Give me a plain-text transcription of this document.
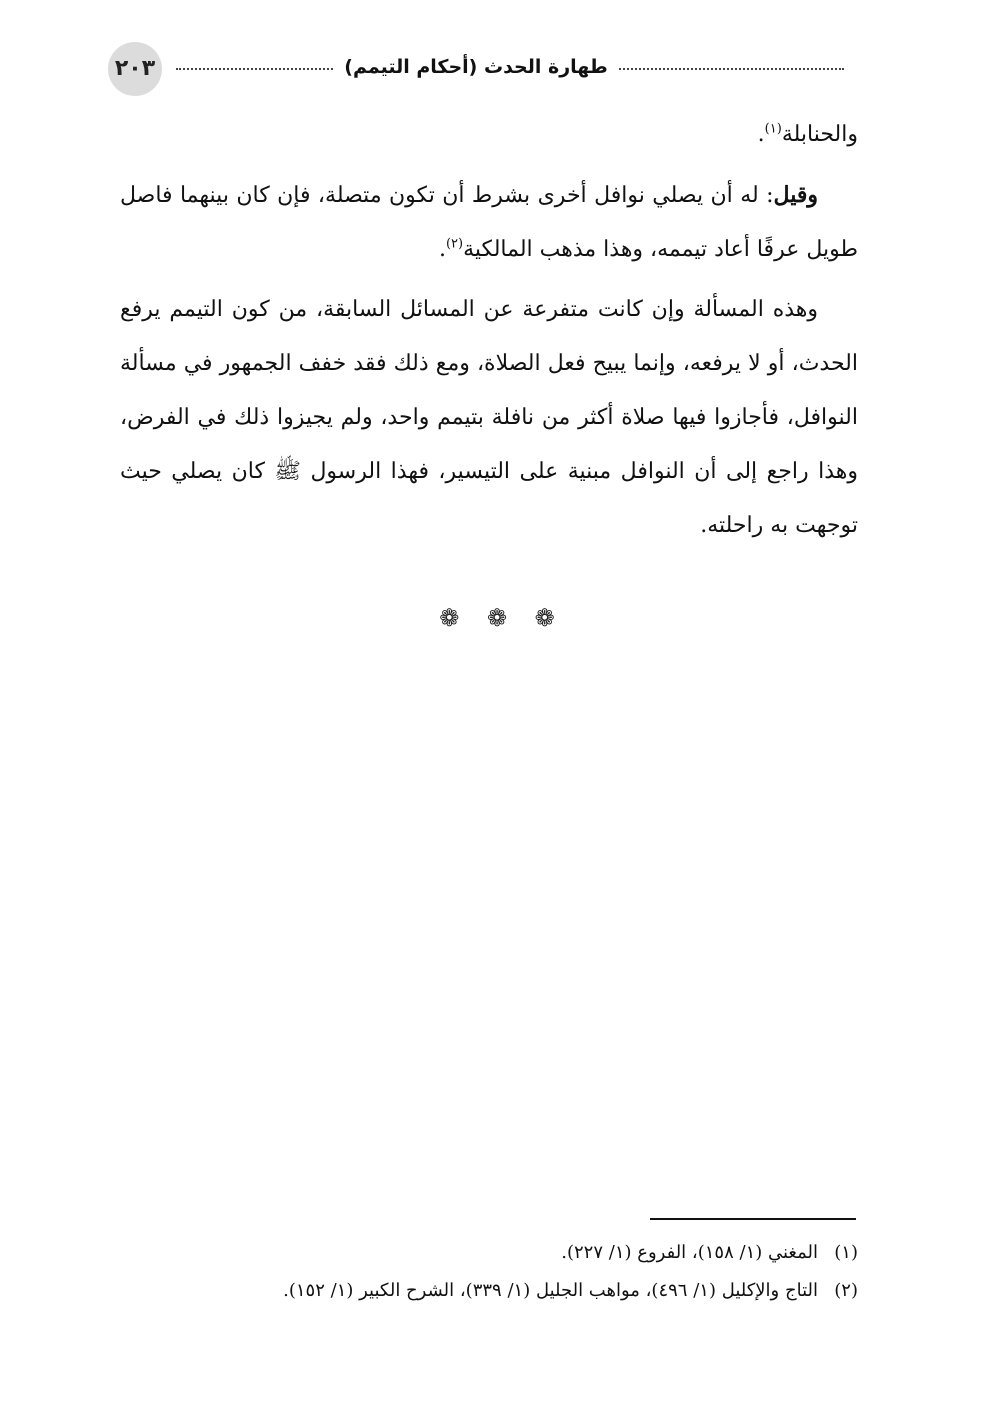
٢٠٣	طهارة الحدث (أحكام التيمم)

والحنابلة$^{(١)}$.

وقيل: له أن يصلي نوافل أخرى بشرط أن تكون متصلة، فإن كان بينهما فاصل طويل عرفًا أعاد تيممه، وهذا مذهب المالكية$^{(٢)}$.

وهذه المسألة وإن كانت متفرعة عن المسائل السابقة، من كون التيمم يرفع الحدث، أو لا يرفعه، وإنما يبيح فعل الصلاة، ومع ذلك فقد خفف الجمهور في مسألة النوافل، فأجازوا فيها صلاة أكثر من نافلة بتيمم واحد، ولم يجيزوا ذلك في الفرض، وهذا راجع إلى أن النوافل مبنية على التيسير، فهذا الرسول ﷺ كان يصلي حيث توجهت به راحلته.

❁ ❁ ❁

(١)المغني (١/ ١٥٨)، الفروع (١/ ٢٢٧).

(٢)التاج والإكليل (١/ ٤٩٦)، مواهب الجليل (١/ ٣٣٩)، الشرح الكبير (١/ ١٥٢).
